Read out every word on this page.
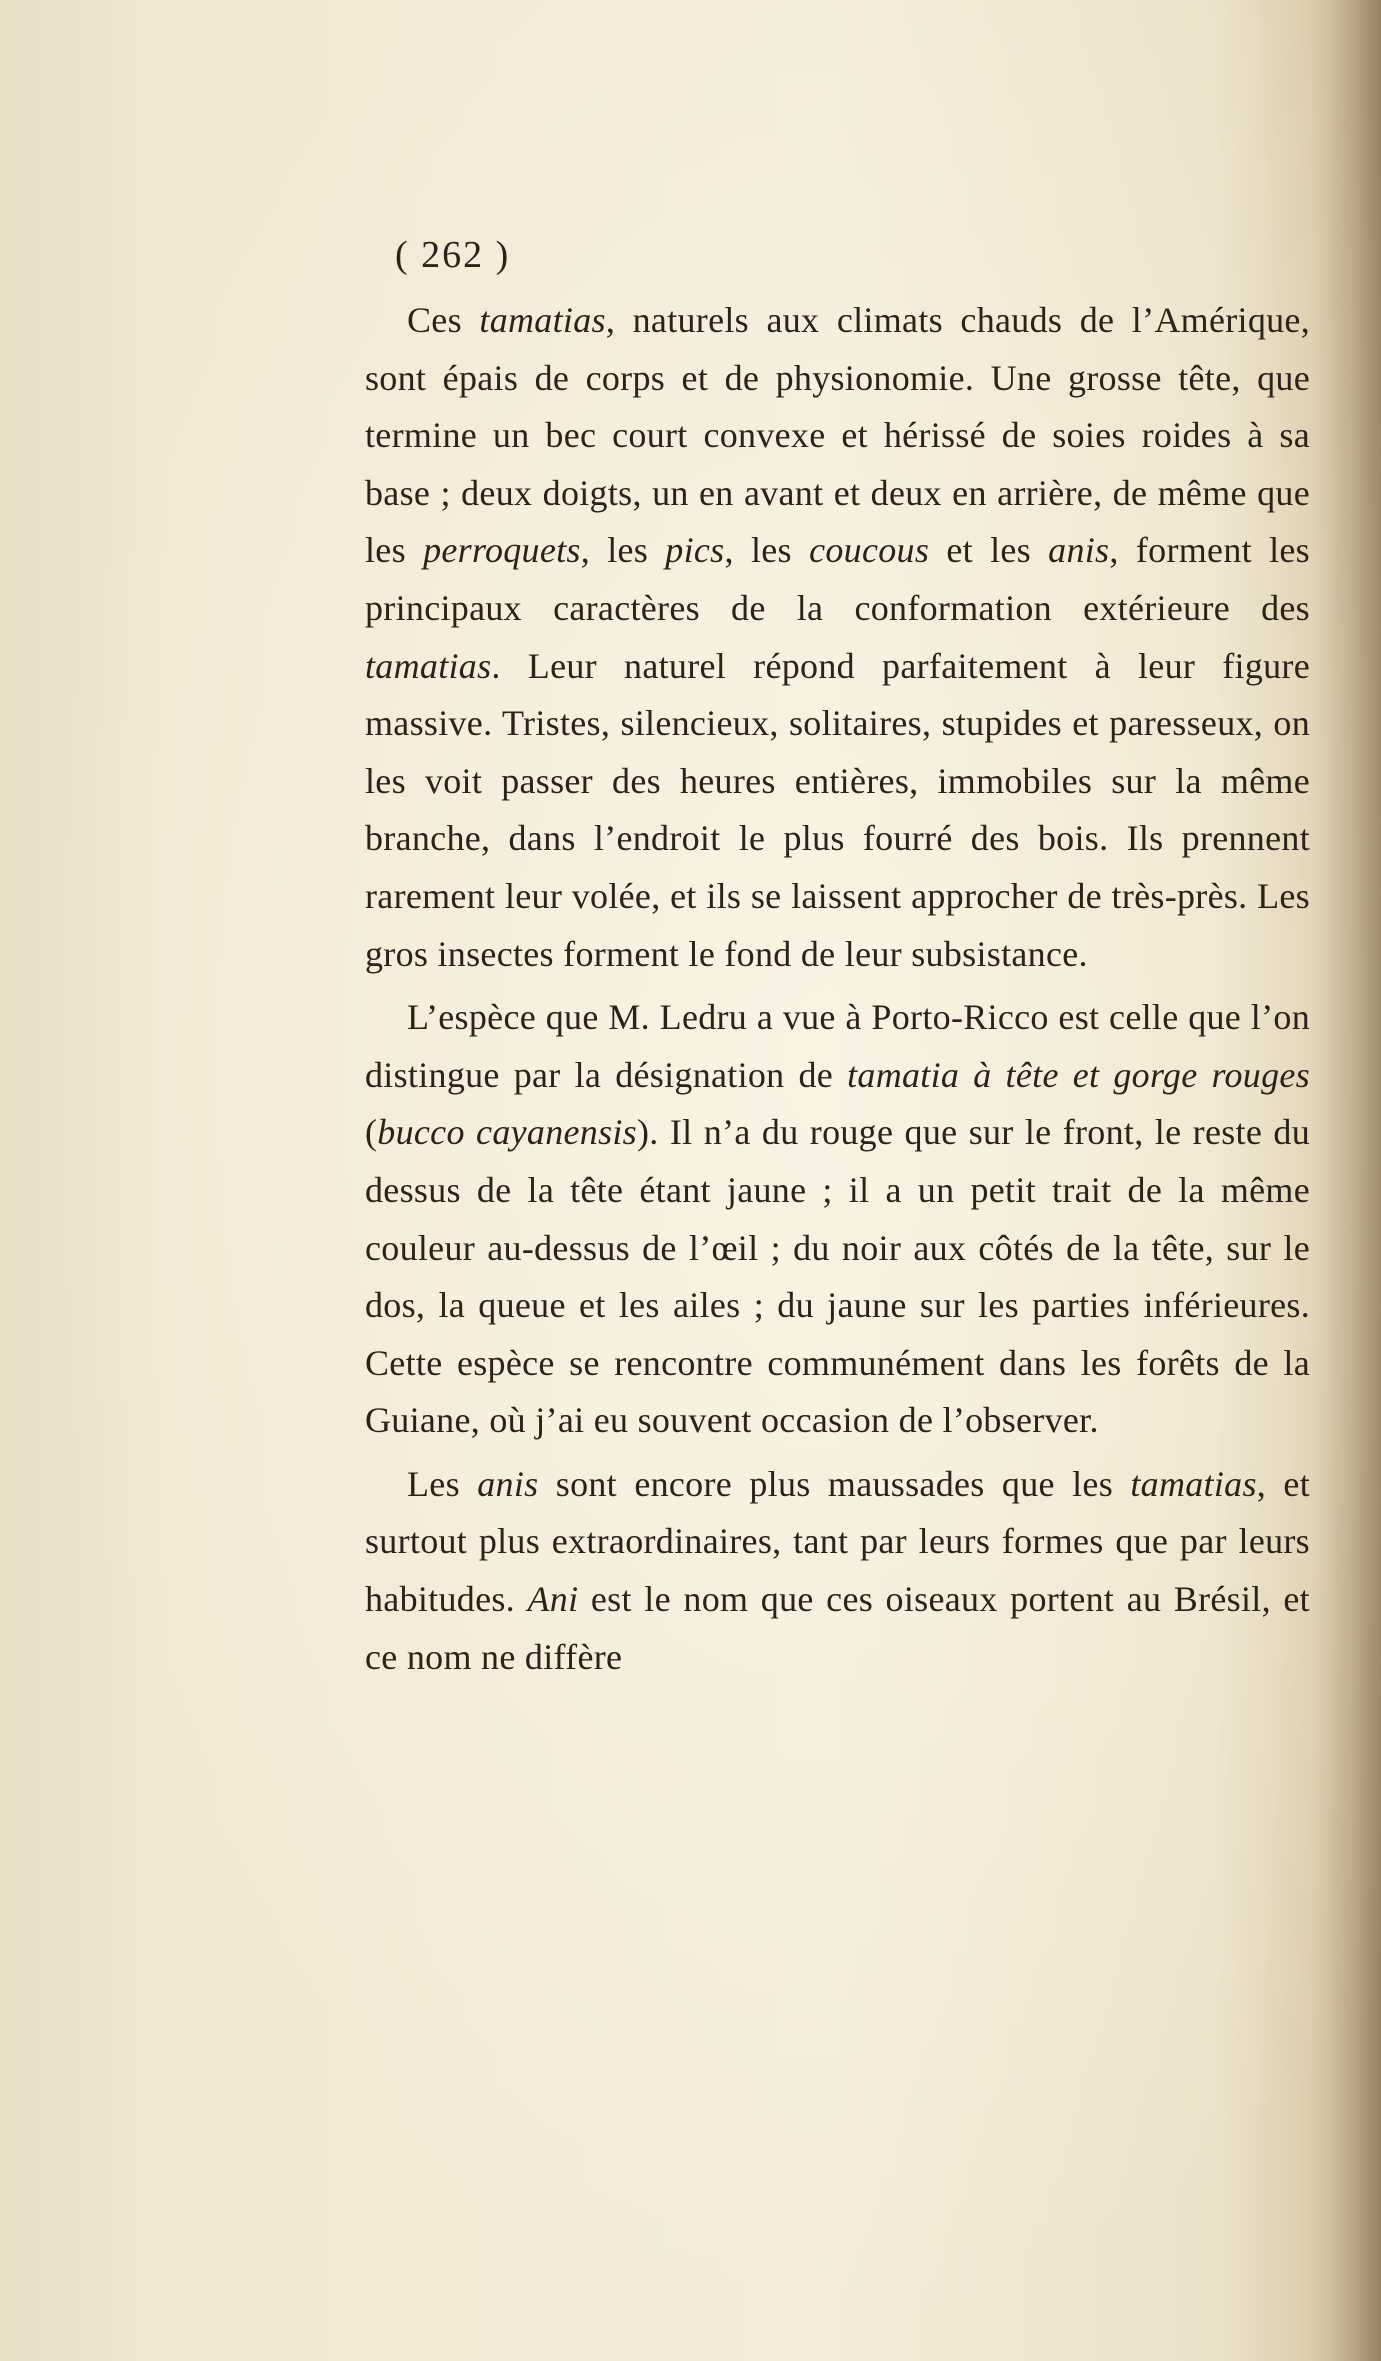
( 262 )

Ces tamatias, naturels aux climats chauds de l’Amérique, sont épais de corps et de physionomie. Une grosse tête, que termine un bec court convexe et hérissé de soies roides à sa base ; deux doigts, un en avant et deux en arrière, de même que les perroquets, les pics, les coucous et les anis, forment les principaux caractères de la conformation extérieure des tamatias. Leur naturel répond parfaitement à leur figure massive. Tristes, silencieux, solitaires, stupides et paresseux, on les voit passer des heures entières, immobiles sur la même branche, dans l’endroit le plus fourré des bois. Ils prennent rarement leur volée, et ils se laissent approcher de très-près. Les gros insectes forment le fond de leur subsistance.

L’espèce que M. Ledru a vue à Porto-Ricco est celle que l’on distingue par la désignation de tamatia à tête et gorge rouges (bucco cayanensis). Il n’a du rouge que sur le front, le reste du dessus de la tête étant jaune ; il a un petit trait de la même couleur au-dessus de l’œil ; du noir aux côtés de la tête, sur le dos, la queue et les ailes ; du jaune sur les parties inférieures. Cette espèce se rencontre communément dans les forêts de la Guiane, où j’ai eu souvent occasion de l’observer.

Les anis sont encore plus maussades que les tamatias, et surtout plus extraordinaires, tant par leurs formes que par leurs habitudes. Ani est le nom que ces oiseaux portent au Brésil, et ce nom ne diffère
